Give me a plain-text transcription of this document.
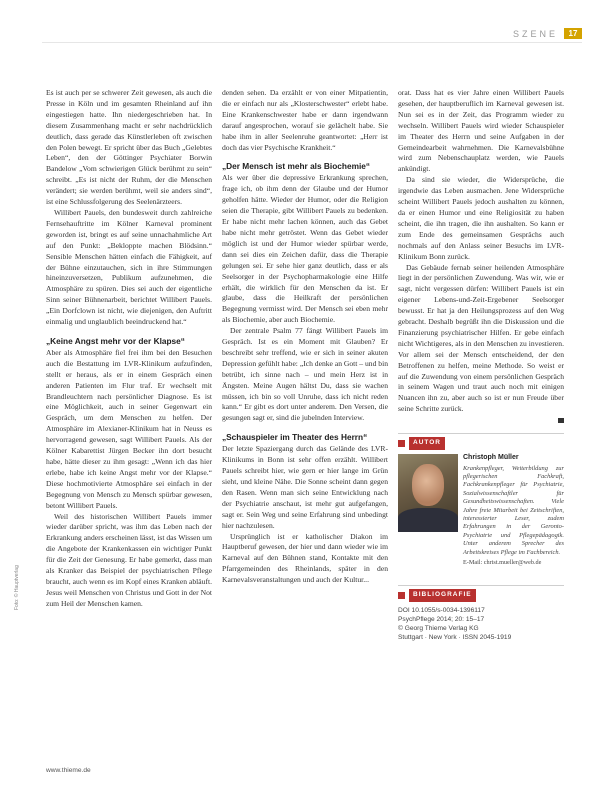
SZENE	17

Es ist auch per se schwerer Zeit gewesen, als auch die Presse in Köln und im gesamten Rheinland auf ihn eingestiegen hatte. Ihn niedergeschrieben hat. In diesem Zusammenhang macht er sehr nachdrücklich deutlich, dass gerade das Künstlerleben oft zwischen den Polen bewegt. Er spricht über das Buch „Gelebtes Leben“, den der Göttinger Psychiater Borwin Bandelow „Vom schwierigen Glück berühmt zu sein“ schreibt. „Es ist nicht der Ruhm, der die Menschen verändert; sie werden berühmt, weil sie anders sind“, ist eine Schlussfolgerung des Seelenärzteers.

Willibert Pauels, den bundesweit durch zahlreiche Fernsehauftritte im Kölner Karneval prominent geworden ist, bringt es auf seine unnachahmliche Art auf den Punkt: „Bekloppte machen Blödsinn.“ Sensible Menschen hätten einfach die Fähigkeit, auf der Bühne einzutauchen, sich in ihre Stimmungen hineinzuversetzen, Publikum aufzunehmen, die Atmosphäre zu spüren. Dies sei auch der eigentliche Sinn seiner Bühnenarbeit, berichtet Willibert Pauels. „Ein Dorfclown ist nicht, wie diejenigen, den Auftritt einmalig und unglaublich beeindruckend hat.“

„Keine Angst mehr vor der Klapse“

Aber als Atmosphäre fiel frei ihm bei den Besuchen auch die Bestattung im LVR-Klinikum aufzufinden, stellt er heraus, als er in einem Gespräch einen anderen Patienten im Flur traf. Er wechselt mit Brandleuchtern nach persönlicher Diagnose. Es ist eine Möglichkeit, auch in seiner Gegenwart ein Gespräch, um dem Menschen zu helfen. Der Atmosphäre im Alexianer-Klinikum hat in Neuss es hervorragend gewesen, sagt Willibert Pauels. Als der Kölner Kabarettist Jürgen Becker ihn dort besucht habe, hätte dieser zu ihm gesagt: „Wenn ich das hier erlebe, habe ich keine Angst mehr vor der Klapse.“ Diese hochmotivierte Atmosphäre sei einfach in der Begegnung von Mensch zu Mensch spürbar gewesen, betont Willibert Pauels.

Weil des historischen Willibert Pauels immer wieder darüber spricht, was ihm das Leben nach der Erkrankung anders erscheinen lässt, ist das Wissen um die Angebote der Krankenkassen ein wichtiger Punkt für die Zeit der Genesung. Er habe gemerkt, dass man als Kranker das Beispiel der psychiatrischen Pflege braucht, auch wenn es im Kopf eines Kranken abläuft. Jesus weil Menschen von Christus und Gott in der Not zum Heil der Menschen kamen.

denden sehen. Da erzählt er von einer Mitpatientin, die er einfach nur als „Klosterschwester“ erlebt habe. Eine Krankenschwester habe er dann irgendwann darauf angesprochen, worauf sie gelächelt habe. Sie habe ihm in aller Seelenruhe geantwortet: „Herr ist doch das vier Psychische Krankheit.“

„Der Mensch ist mehr als Biochemie“

Als wer über die depressive Erkrankung sprechen, frage ich, ob ihm denn der Glaube und der Humor geholfen hätte. Wieder der Humor, oder die Religion seien die Therapie, gibt Willibert Pauels zu bedenken. Er habe nicht mehr lachen können, auch das Gebet habe nicht mehr getröstet. Wenn das Gebet wieder möglich ist und der Humor wieder spürbar werde, dann sei dies ein Zeichen dafür, dass die Therapie gelungen sei. Er sehe hier ganz deutlich, dass er als Seelsorger in der Psychopharmakologie eine Hilfe erhält, die wirklich für den Menschen da ist. Er glaube, dass die Heilkraft der persönlichen Begegnung vermisst wird. Der Mensch sei eben mehr als Biochemie, aber auch Biochemie.

Der zentrale Psalm 77 fängt Willibert Pauels im Gespräch. Ist es ein Moment mit Glauben? Er beschreibt sehr treffend, wie er sich in seiner akuten Depression gefühlt habe: „Ich denke an Gott – und bin betrübt, ich sinne nach – und mein Herz ist in Ängsten. Meine Augen hältst Du, dass sie wachen müssen, ich bin so voll Unruhe, dass ich nicht reden kann.“ Er gibt es dort unter anderem. Den Versen, die gesungen sagt er, sind die jubelnden Interview.

„Schauspieler im Theater des Herrn“

Der letzte Spaziergang durch das Gelände des LVR-Klinikums in Bonn ist sehr offen erzählt. Willibert Pauels schreibt hier, wie gern er hier lange im Grün sieht, und kleine Nähe. Die Sonne scheint dann gegen den Rasen. Wenn man sich seine Entwicklung nach der Psychiatrie anschaut, ist mehr gut aufgefangen, sagt er. Sein Weg und seine Erfahrung sind unbedingt hier nachzulesen.

Ursprünglich ist er katholischer Diakon im Hauptberuf gewesen, der hier und dann wieder wie im Karneval auf den Bühnen stand, Kontakte mit den Pfarrgemeinden des Rheinlands, später in den Karnevalsveranstaltungen und auch der Kultur...

orat. Dass hat es vier Jahre einen Willibert Pauels gesehen, der hauptberuflich im Karneval gewesen ist. Nun sei es in der Zeit, das Programm wieder zu wechseln. Willibert Pauels wird wieder Schauspieler im Theater des Herrn und seine Aufgaben in der Gemeindearbeit wahrnehmen. Die Karnevalsbühne wird zum Nebenschauplatz werden, wie Pauels ankündigt.

Da sind sie wieder, die Widersprüche, die irgendwie das Leben ausmachen. Jene Widersprüche scheint Willibert Pauels jedoch aushalten zu können, da er einen Humor und eine Religiosität zu haben scheint, die ihn tragen, die ihn aushalten. So kann er zum Ende des gemeinsamen Gesprächs auch nochmals auf den Anlass seiner Besuchs im LVR-Klinikum Bonn zurück.

Das Gebäude fernab seiner heilenden Atmosphäre liegt in der persönlichen Zuwendung. Was wir, wie er sagt, nicht vergessen dürfen: Willibert Pauels ist ein eigener Lebens-und-Zeit-Ergebener Seelsorger bewusst. Er hat ja den Heilungsprozess auf den Weg gebracht. Deshalb begrüßt ihn die Diskussion und die Finanzierung psychiatrischer Hilfen. Er gebe einfach nicht Wichtigeres, als in den Menschen zu investieren. Vor allem sei der Mensch entscheidend, der den Betroffenen zu helfen, meine Methode. So weist er auf die Zuwendung von einem persönlichen Gespräch in seinem Wagen und traut auch noch mit einigen Nuancen ihn zu, aber auch so ist er nun Freude über seine Schritte zurück.

AUTOR
Christoph Müller
Krankenpfleger, Weiterbildung zur pflegerischen Fachkraft, Fachkrankenpfleger für Psychiatrie, Sozialwissenschaftler für Gesundheitswissenschaften. Viele Jahre freie Mitarbeit bei Zeitschriften, interessierter Leser, zudem Erfahrungen in der Geronto-Psychiatrie und Pflegepädagogik. Unter anderem Sprecher des Arbeitskreises Pflege im Fachbereich.
E-Mail: christ.mueller@web.de
BIBLIOGRAFIE
DOI 10.1055/s-0034-1396117
PsychPflege 2014; 20: 15–17
© Georg Thieme Verlag KG
Stuttgart · New York · ISSN 2045-1919
www.thieme.de
Foto: © Hauptverlag
